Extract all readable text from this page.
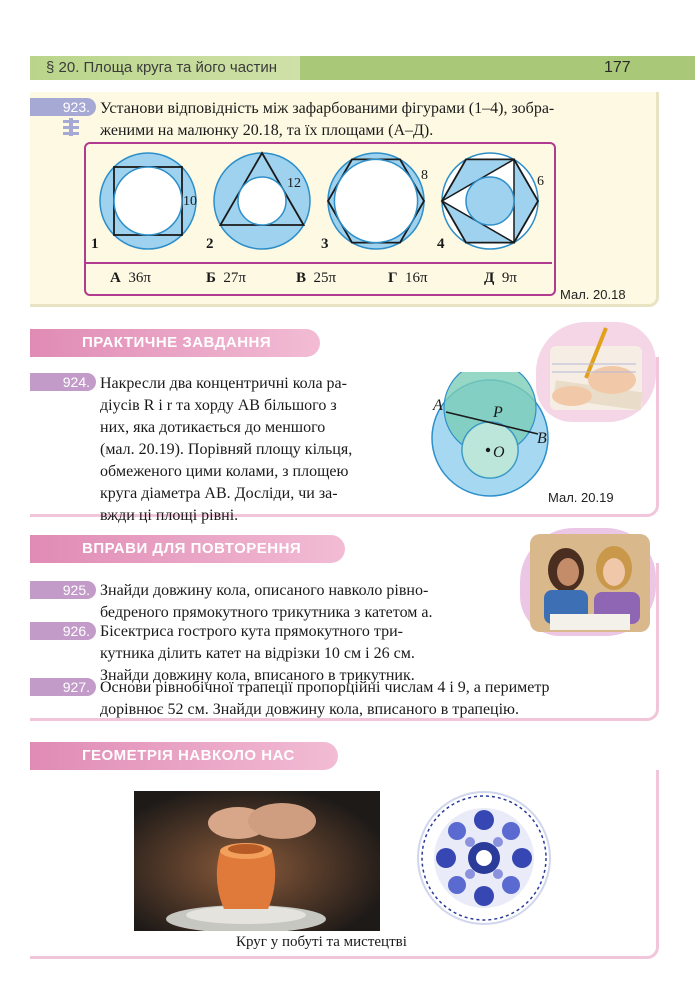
§ 20. Площа круга та його частин	177
923. Установи відповідність між зафарбованими фігурами (1–4), зобра-
женими на малюнку 20.18, та їх площами (А–Д).
10
12
8	6
1	2	3	4
А 36π	Б 27π	В 25π	Г 16π	Д 9π
Мал. 20.18
ПРАКТИЧНЕ ЗАВДАННЯ
924. Накресли два концентричні кола ра-
діусів R і r та хорду AB більшого з
них, яка дотикається до меншого
(мал. 20.19). Порівняй площу кільця,
обмеженого цими колами, з площею
круга діаметра AB. Досліди, чи за-
вжди ці площі рівні.
A
B
P
O
Мал. 20.19
ВПРАВИ ДЛЯ ПОВТОРЕННЯ
925. Знайди довжину кола, описаного навколо рівно-
бедреного прямокутного трикутника з катетом a.
926. Бісектриса гострого кута прямокутного три-
кутника ділить катет на відрізки 10 см і 26 см.
Знайди довжину кола, вписаного в трикутник.
927. Основи рівнобічної трапеції пропорційні числам 4 і 9, а периметр
дорівнює 52 см. Знайди довжину кола, вписаного в трапецію.
ГЕОМЕТРІЯ НАВКОЛО НАС
Круг у побуті та мистецтві
